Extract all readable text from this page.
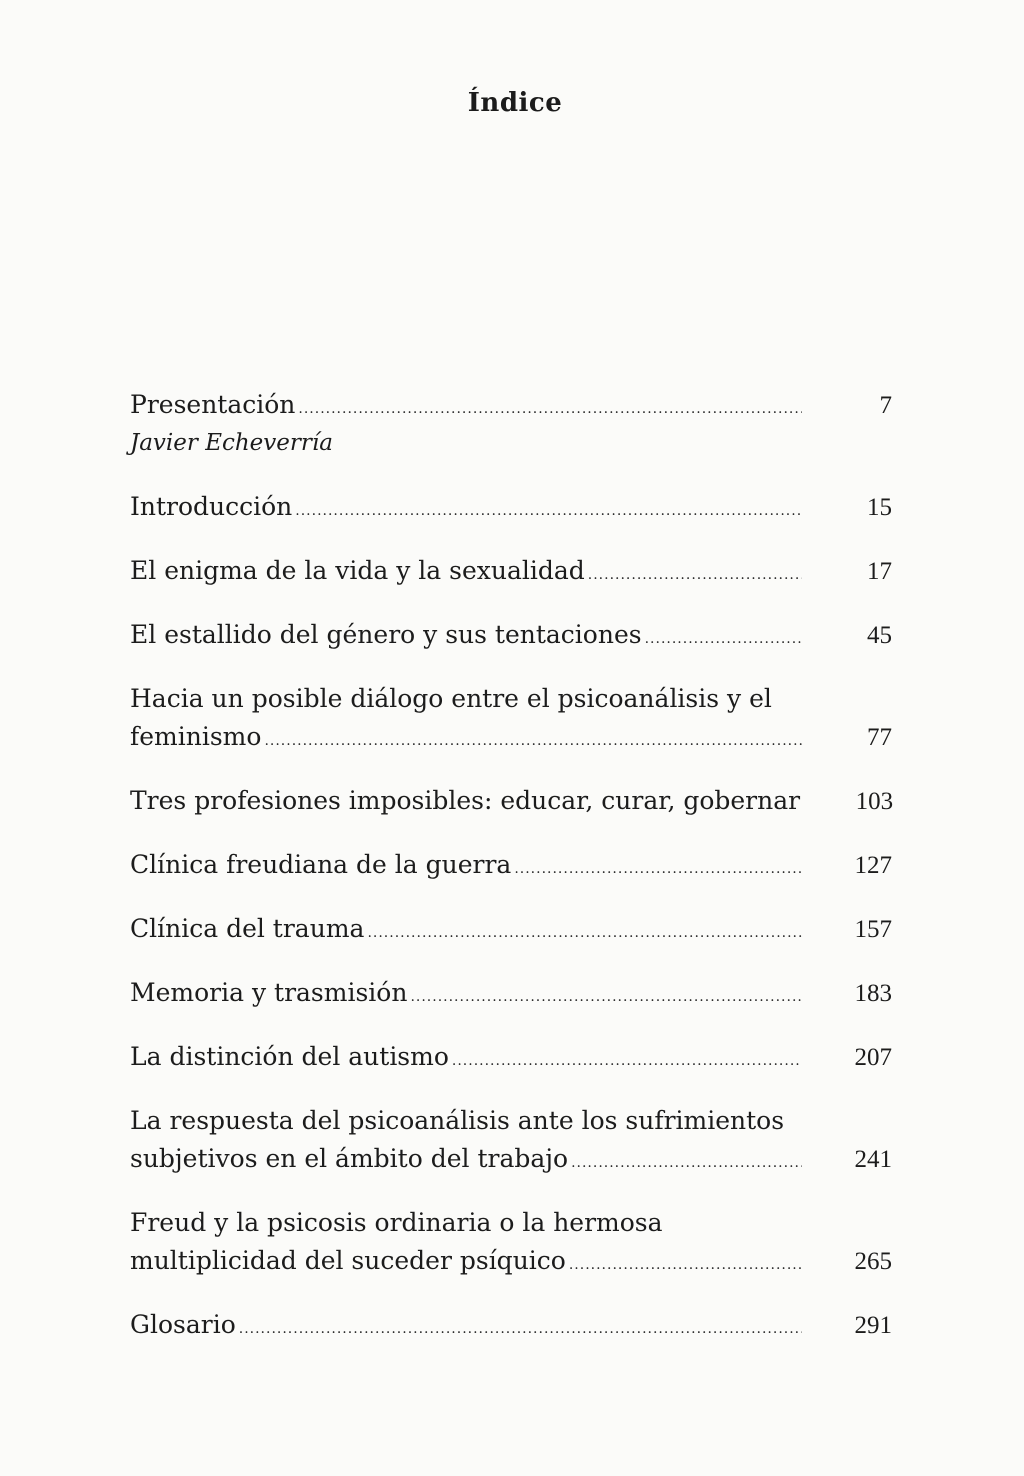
Índice
Presentación .....	7
Javier Echeverría
Introducción .....	15
El enigma de la vida y la sexualidad .....	17
El estallido del género y sus tentaciones .....	45
Hacia un posible diálogo entre el psicoanálisis y el
feminismo .....	77
Tres profesiones imposibles: educar, curar, gobernar	103
Clínica freudiana de la guerra .....	127
Clínica del trauma .....	157
Memoria y trasmisión .....	183
La distinción del autismo .....	207
La respuesta del psicoanálisis ante los sufrimientos
subjetivos en el ámbito del trabajo .....	241
Freud y la psicosis ordinaria o la hermosa
multiplicidad del suceder psíquico .....	265
Glosario .....	291
